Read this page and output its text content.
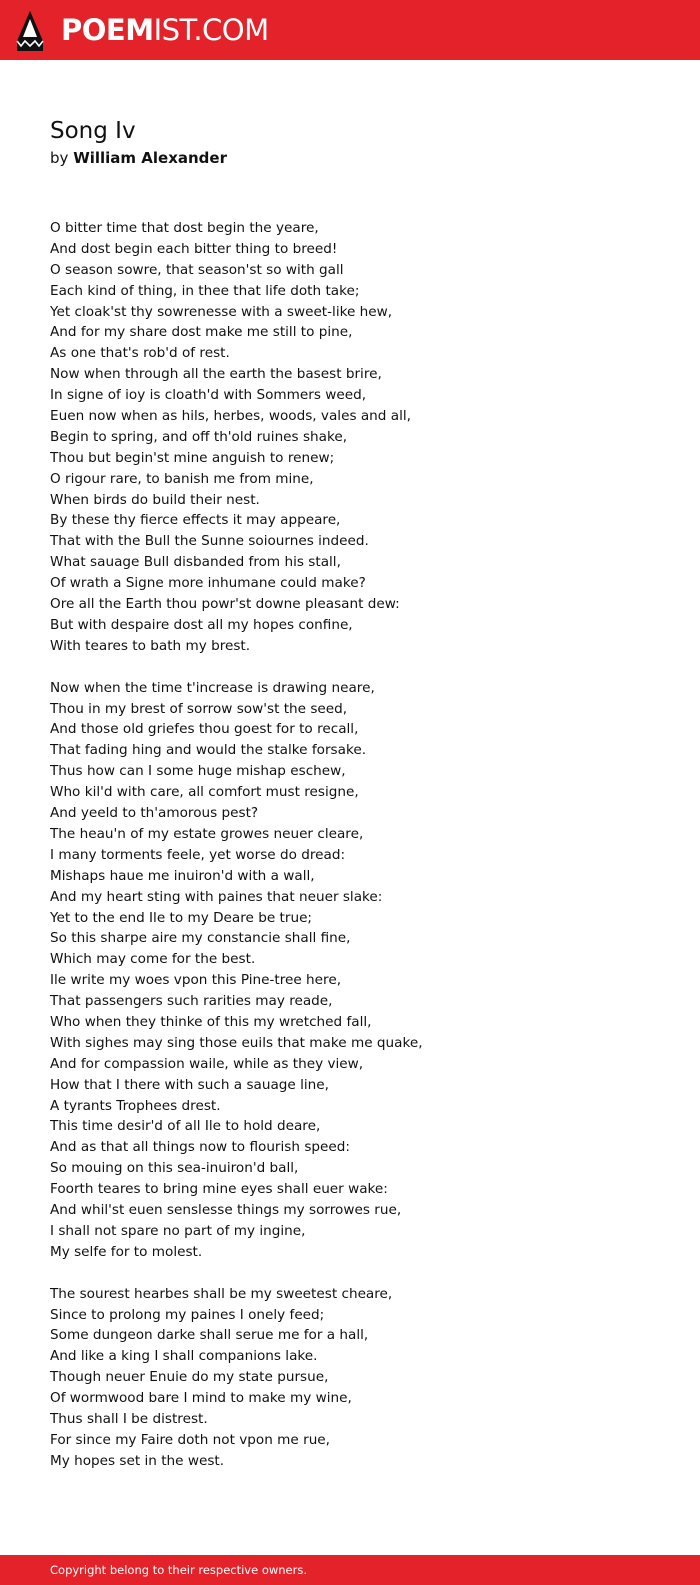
POEMIST.COM
Song Iv
by William Alexander
O bitter time that dost begin the yeare,
And dost begin each bitter thing to breed!
O season sowre, that season'st so with gall
Each kind of thing, in thee that life doth take;
Yet cloak'st thy sowrenesse with a sweet-like hew,
And for my share dost make me still to pine,
As one that's rob'd of rest.
Now when through all the earth the basest brire,
In signe of ioy is cloath'd with Sommers weed,
Euen now when as hils, herbes, woods, vales and all,
Begin to spring, and off th'old ruines shake,
Thou but begin'st mine anguish to renew;
O rigour rare, to banish me from mine,
When birds do build their nest.
By these thy fierce effects it may appeare,
That with the Bull the Sunne soiournes indeed.
What sauage Bull disbanded from his stall,
Of wrath a Signe more inhumane could make?
Ore all the Earth thou powr'st downe pleasant dew:
But with despaire dost all my hopes confine,
With teares to bath my brest.
Now when the time t'increase is drawing neare,
Thou in my brest of sorrow sow'st the seed,
And those old griefes thou goest for to recall,
That fading hing and would the stalke forsake.
Thus how can I some huge mishap eschew,
Who kil'd with care, all comfort must resigne,
And yeeld to th'amorous pest?
The heau'n of my estate growes neuer cleare,
I many torments feele, yet worse do dread:
Mishaps haue me inuiron'd with a wall,
And my heart sting with paines that neuer slake:
Yet to the end Ile to my Deare be true;
So this sharpe aire my constancie shall fine,
Which may come for the best.
Ile write my woes vpon this Pine-tree here,
That passengers such rarities may reade,
Who when they thinke of this my wretched fall,
With sighes may sing those euils that make me quake,
And for compassion waile, while as they view,
How that I there with such a sauage line,
A tyrants Trophees drest.
This time desir'd of all Ile to hold deare,
And as that all things now to flourish speed:
So mouing on this sea-inuiron'd ball,
Foorth teares to bring mine eyes shall euer wake:
And whil'st euen senslesse things my sorrowes rue,
I shall not spare no part of my ingine,
My selfe for to molest.
The sourest hearbes shall be my sweetest cheare,
Since to prolong my paines I onely feed;
Some dungeon darke shall serue me for a hall,
And like a king I shall companions lake.
Though neuer Enuie do my state pursue,
Of wormwood bare I mind to make my wine,
Thus shall I be distrest.
For since my Faire doth not vpon me rue,
My hopes set in the west.
Copyright belong to their respective owners.
